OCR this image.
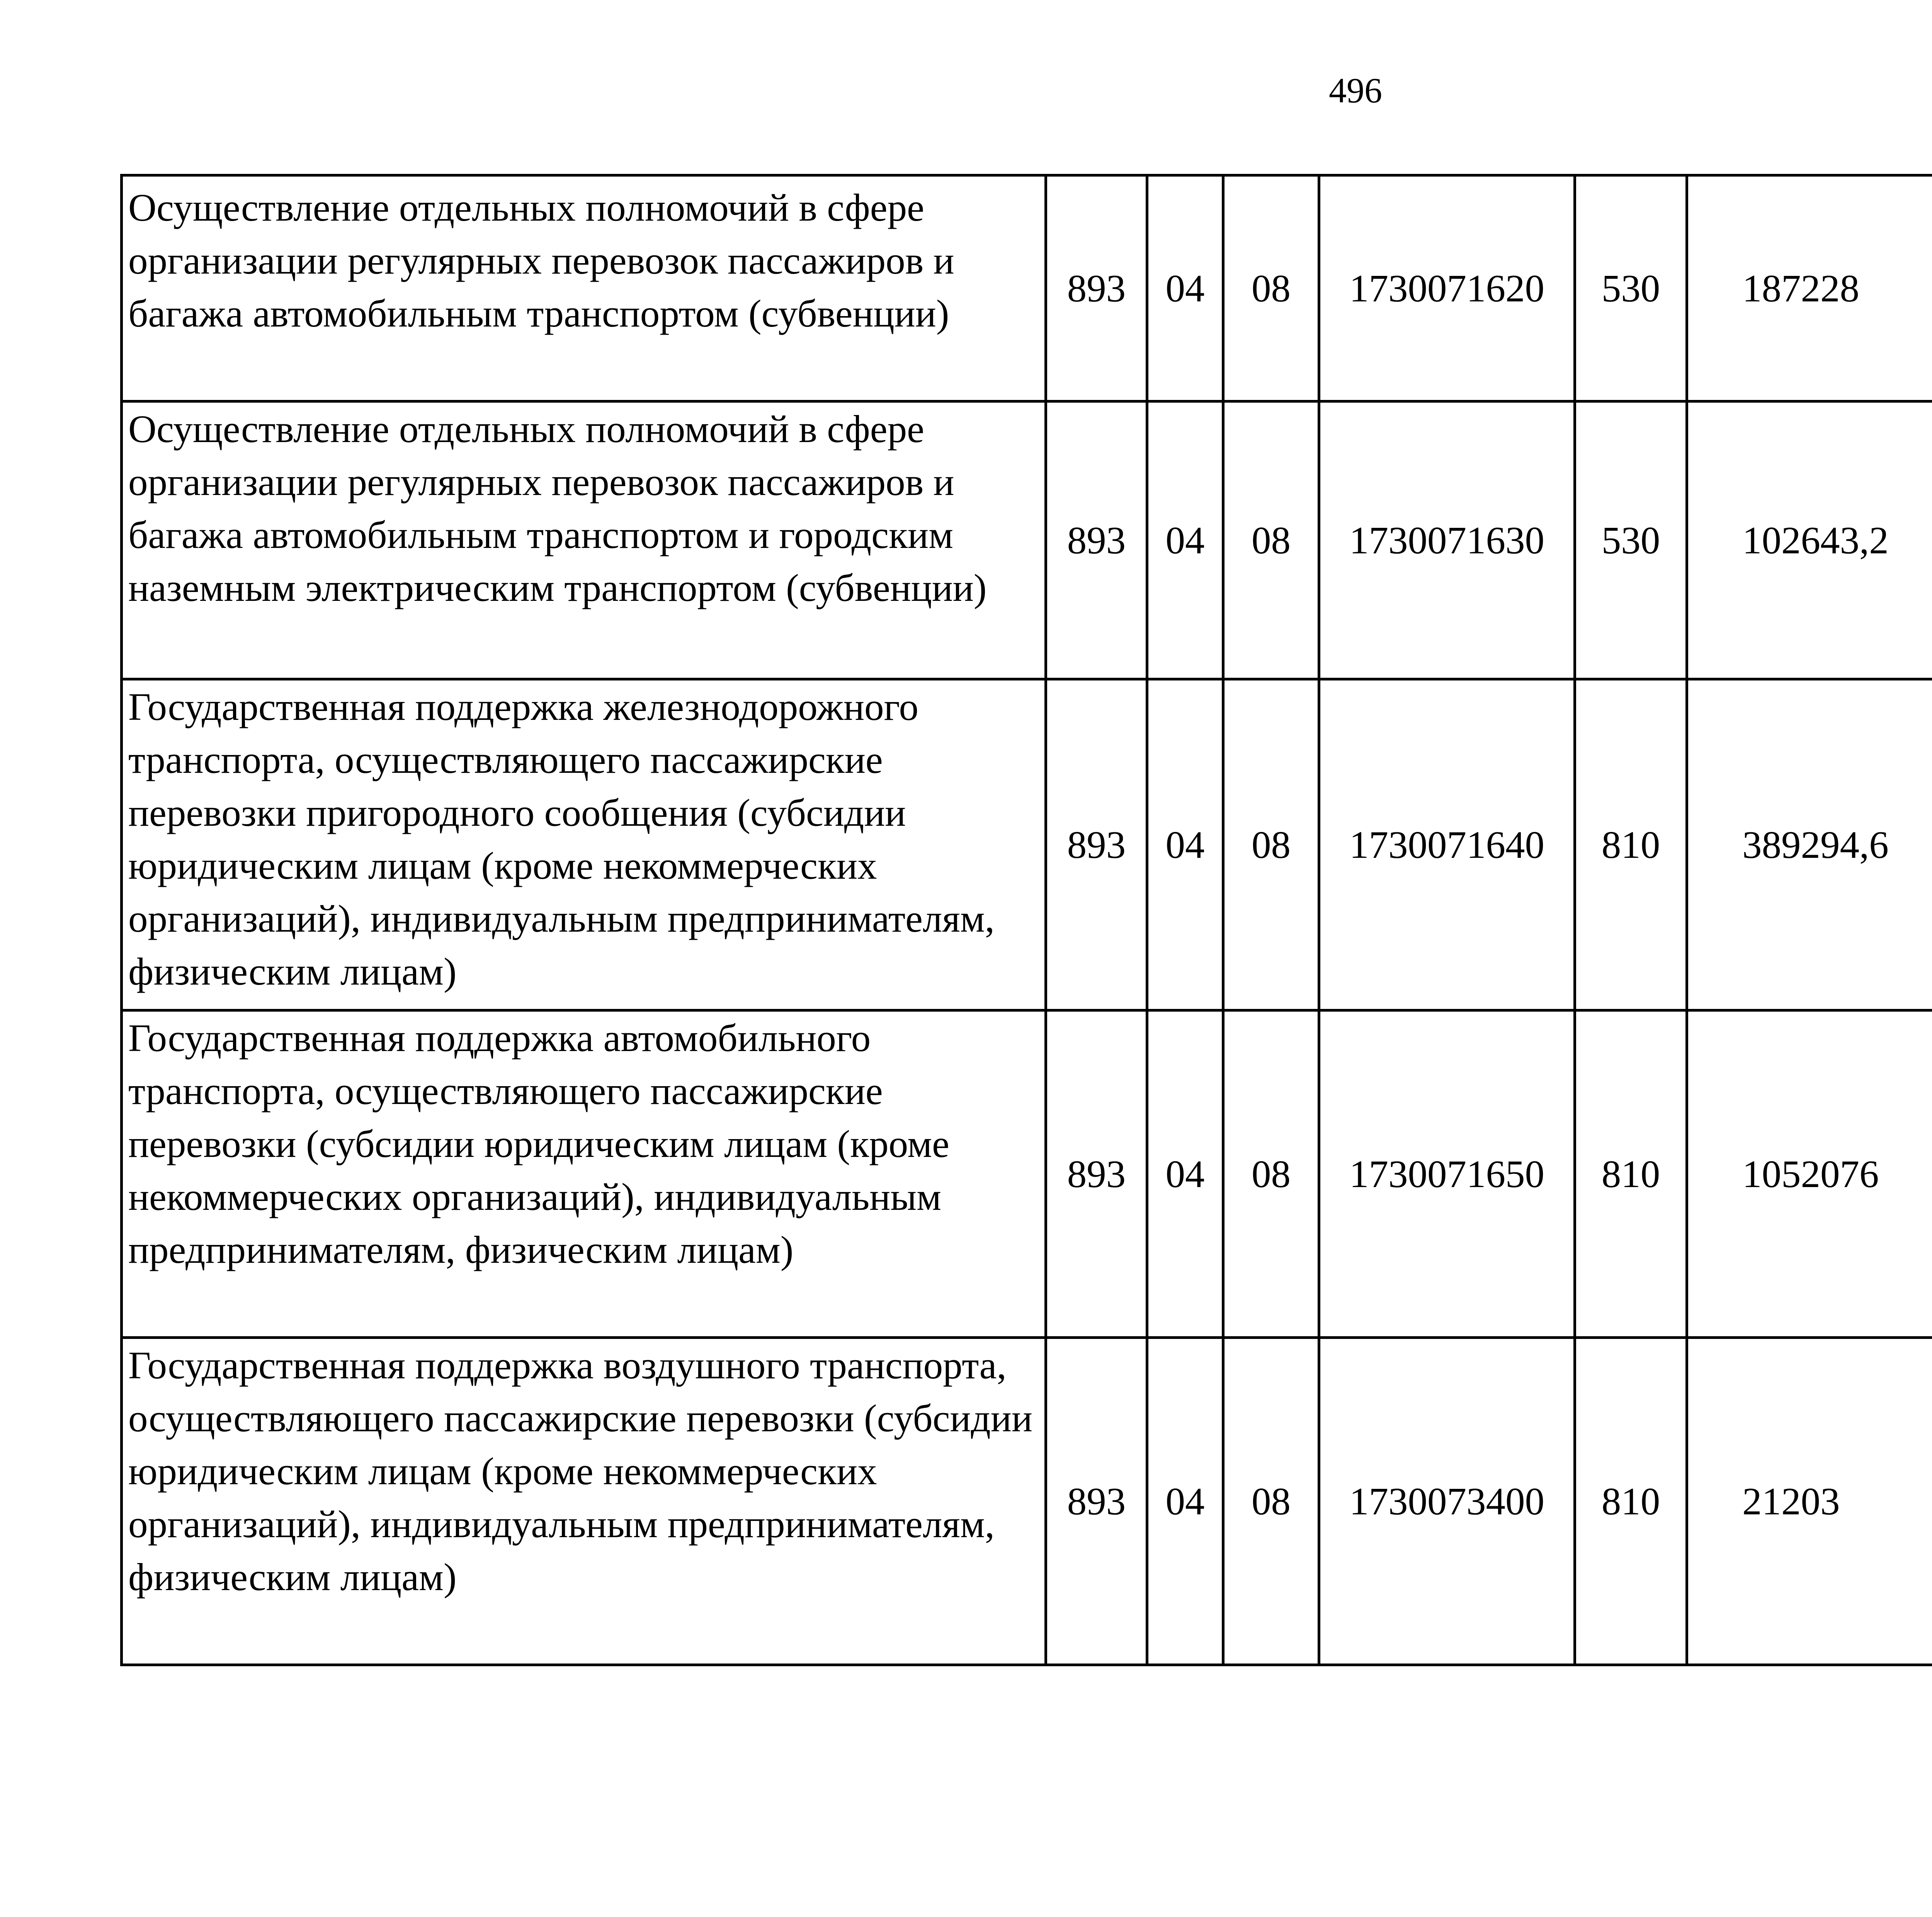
496
Осуществление отдельных полномочий в сфере организации регулярных перевозок пассажиров и багажа автомобильным транспортом (субвенции)	893	04	08	1730071620	530	187228		
Осуществление отдельных полномочий в сфере организации регулярных перевозок пассажиров и багажа автомобильным транспортом и городским наземным электрическим транспортом (субвенции)	893	04	08	1730071630	530	102643,2		
Государственная поддержка железнодорожного транспорта, осуществляющего пассажирские перевозки пригородного сообщения (субсидии юридическим лицам (кроме некоммерческих организаций), индивидуальным предпринимателям, физическим лицам)	893	04	08	1730071640	810	389294,6		
Государственная поддержка автомобильного транспорта, осуществляющего пассажирские перевозки (субсидии юридическим лицам (кроме некоммерческих организаций), индивидуальным предпринимателям, физическим лицам)	893	04	08	1730071650	810	1052076		
Государственная поддержка воздушного транспорта, осуществляющего пассажирские перевозки (субсидии юридическим лицам (кроме некоммерческих организаций), индивидуальным предпринимателям, физическим лицам)	893	04	08	1730073400	810	21203		
